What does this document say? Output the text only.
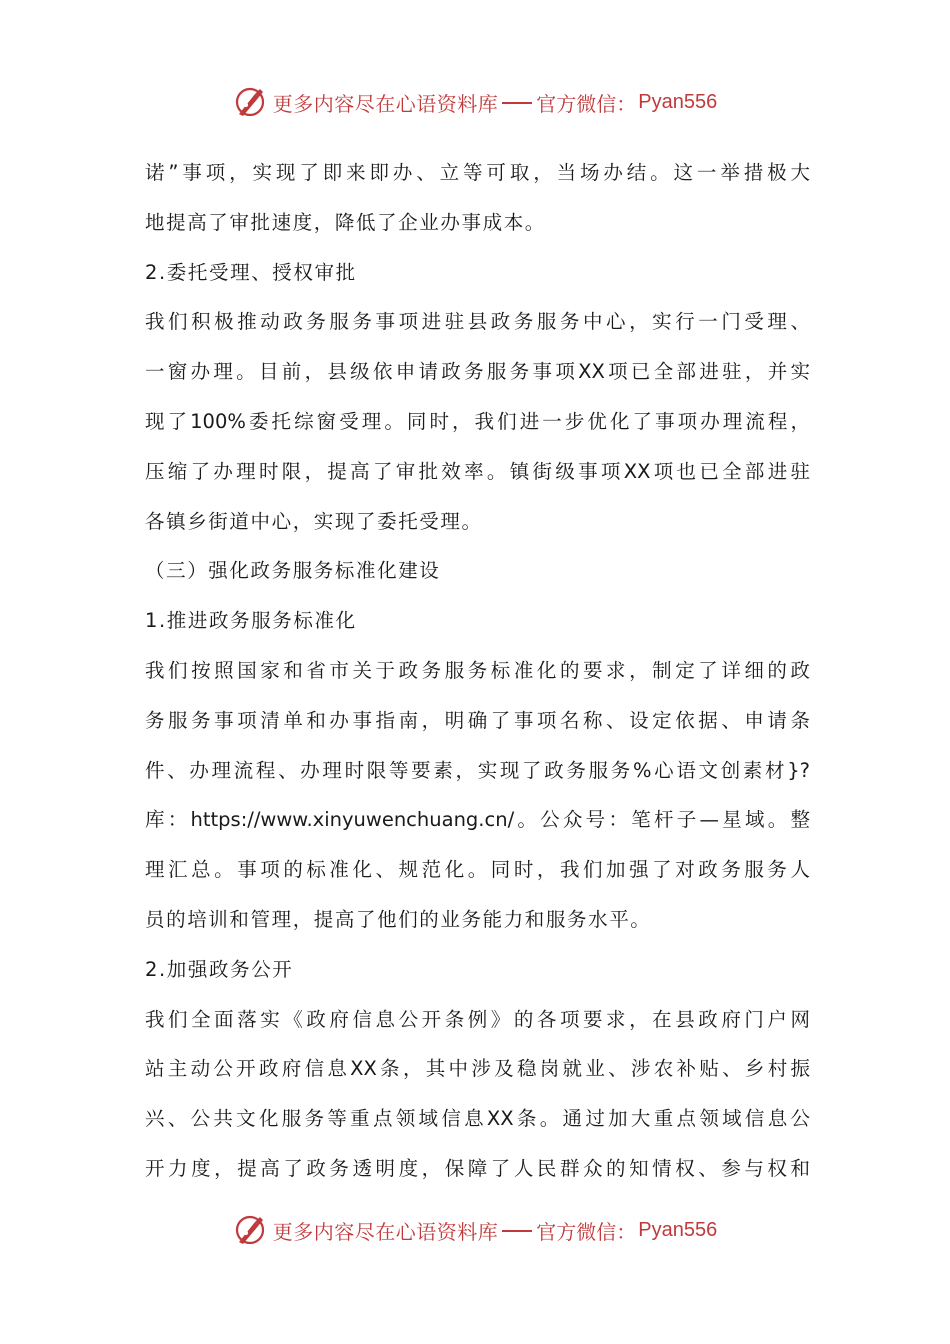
更多内容尽在心语资料库 官方微信： Pyan556
诺”事项，实现了即来即办、立等可取，当场办结。这一举措极大
地提高了审批速度，降低了企业办事成本。
2.委托受理、授权审批
我们积极推动政务服务事项进驻县政务服务中心，实行一门受理、
一窗办理。目前，县级依申请政务服务事项XX项已全部进驻，并实
现了100%委托综窗受理。同时，我们进一步优化了事项办理流程，
压缩了办理时限，提高了审批效率。镇街级事项XX项也已全部进驻
各镇乡街道中心，实现了委托受理。
（三）强化政务服务标准化建设
1.推进政务服务标准化
我们按照国家和省市关于政务服务标准化的要求，制定了详细的政
务服务事项清单和办事指南，明确了事项名称、设定依据、申请条
件、办理流程、办理时限等要素，实现了政务服务%心语文创素材}?
库：https://www.xinyuwenchuang.cn/。公众号：笔杆子—星域。整
理汇总。事项的标准化、规范化。同时，我们加强了对政务服务人
员的培训和管理，提高了他们的业务能力和服务水平。
2.加强政务公开
我们全面落实《政府信息公开条例》的各项要求，在县政府门户网
站主动公开政府信息XX条，其中涉及稳岗就业、涉农补贴、乡村振
兴、公共文化服务等重点领域信息XX条。通过加大重点领域信息公
开力度，提高了政务透明度，保障了人民群众的知情权、参与权和
更多内容尽在心语资料库 官方微信： Pyan556
